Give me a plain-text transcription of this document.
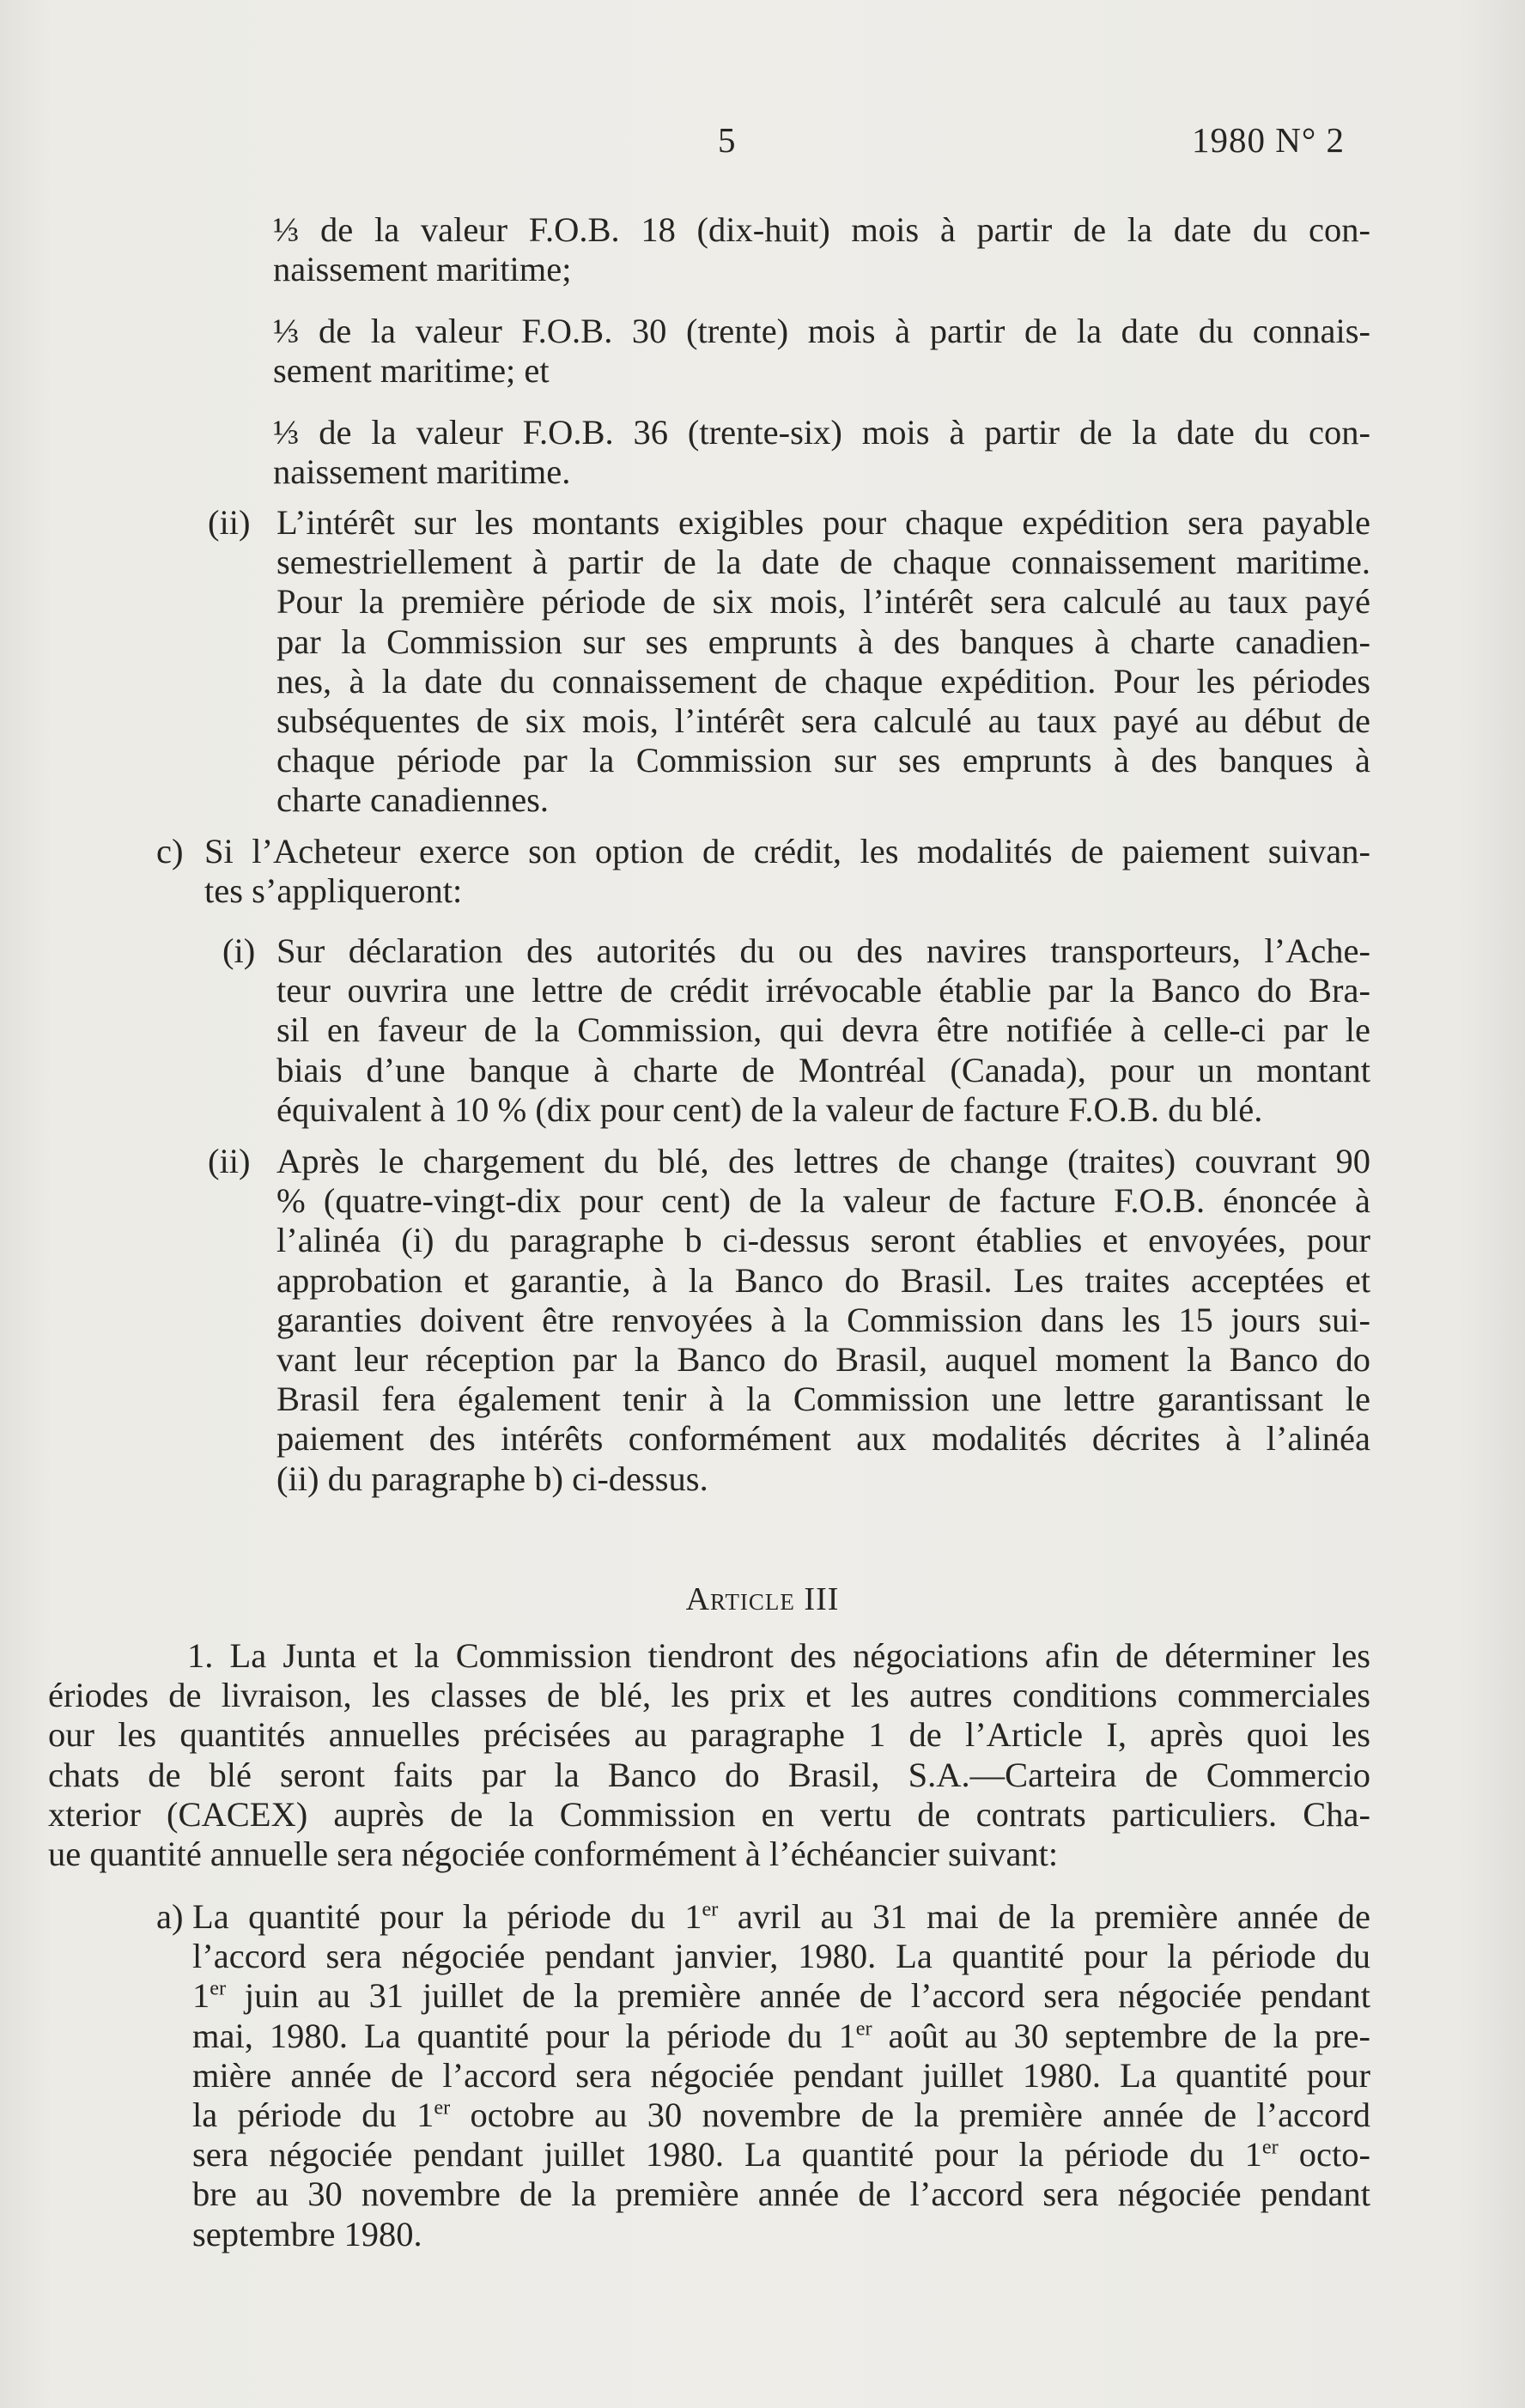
5	1980 N° 2
⅓ de la valeur F.O.B. 18 (dix-huit) mois à partir de la date du con-
naissement maritime;
⅓ de la valeur F.O.B. 30 (trente) mois à partir de la date du connais-
sement maritime; et
⅓ de la valeur F.O.B. 36 (trente-six) mois à partir de la date du con-
naissement maritime.
(ii) L’intérêt sur les montants exigibles pour chaque expédition sera payable
semestriellement à partir de la date de chaque connaissement maritime.
Pour la première période de six mois, l’intérêt sera calculé au taux payé
par la Commission sur ses emprunts à des banques à charte canadien-
nes, à la date du connaissement de chaque expédition. Pour les périodes
subséquentes de six mois, l’intérêt sera calculé au taux payé au début de
chaque période par la Commission sur ses emprunts à des banques à
charte canadiennes.
c) Si l’Acheteur exerce son option de crédit, les modalités de paiement suivan-
tes s’appliqueront:
(i) Sur déclaration des autorités du ou des navires transporteurs, l’Ache-
teur ouvrira une lettre de crédit irrévocable établie par la Banco do Bra-
sil en faveur de la Commission, qui devra être notifiée à celle-ci par le
biais d’une banque à charte de Montréal (Canada), pour un montant
équivalent à 10 % (dix pour cent) de la valeur de facture F.O.B. du blé.
(ii) Après le chargement du blé, des lettres de change (traites) couvrant 90
% (quatre-vingt-dix pour cent) de la valeur de facture F.O.B. énoncée à
l’alinéa (i) du paragraphe b ci-dessus seront établies et envoyées, pour
approbation et garantie, à la Banco do Brasil. Les traites acceptées et
garanties doivent être renvoyées à la Commission dans les 15 jours sui-
vant leur réception par la Banco do Brasil, auquel moment la Banco do
Brasil fera également tenir à la Commission une lettre garantissant le
paiement des intérêts conformément aux modalités décrites à l’alinéa
(ii) du paragraphe b) ci-dessus.
Article III
1. La Junta et la Commission tiendront des négociations afin de déterminer les
ériodes de livraison, les classes de blé, les prix et les autres conditions commerciales
our les quantités annuelles précisées au paragraphe 1 de l’Article I, après quoi les
chats de blé seront faits par la Banco do Brasil, S.A.—Carteira de Commercio
xterior (CACEX) auprès de la Commission en vertu de contrats particuliers. Cha-
ue quantité annuelle sera négociée conformément à l’échéancier suivant:
a) La quantité pour la période du 1er avril au 31 mai de la première année de
l’accord sera négociée pendant janvier, 1980. La quantité pour la période du
1er juin au 31 juillet de la première année de l’accord sera négociée pendant
mai, 1980. La quantité pour la période du 1er août au 30 septembre de la pre-
mière année de l’accord sera négociée pendant juillet 1980. La quantité pour
la période du 1er octobre au 30 novembre de la première année de l’accord
sera négociée pendant juillet 1980. La quantité pour la période du 1er octo-
bre au 30 novembre de la première année de l’accord sera négociée pendant
septembre 1980.
